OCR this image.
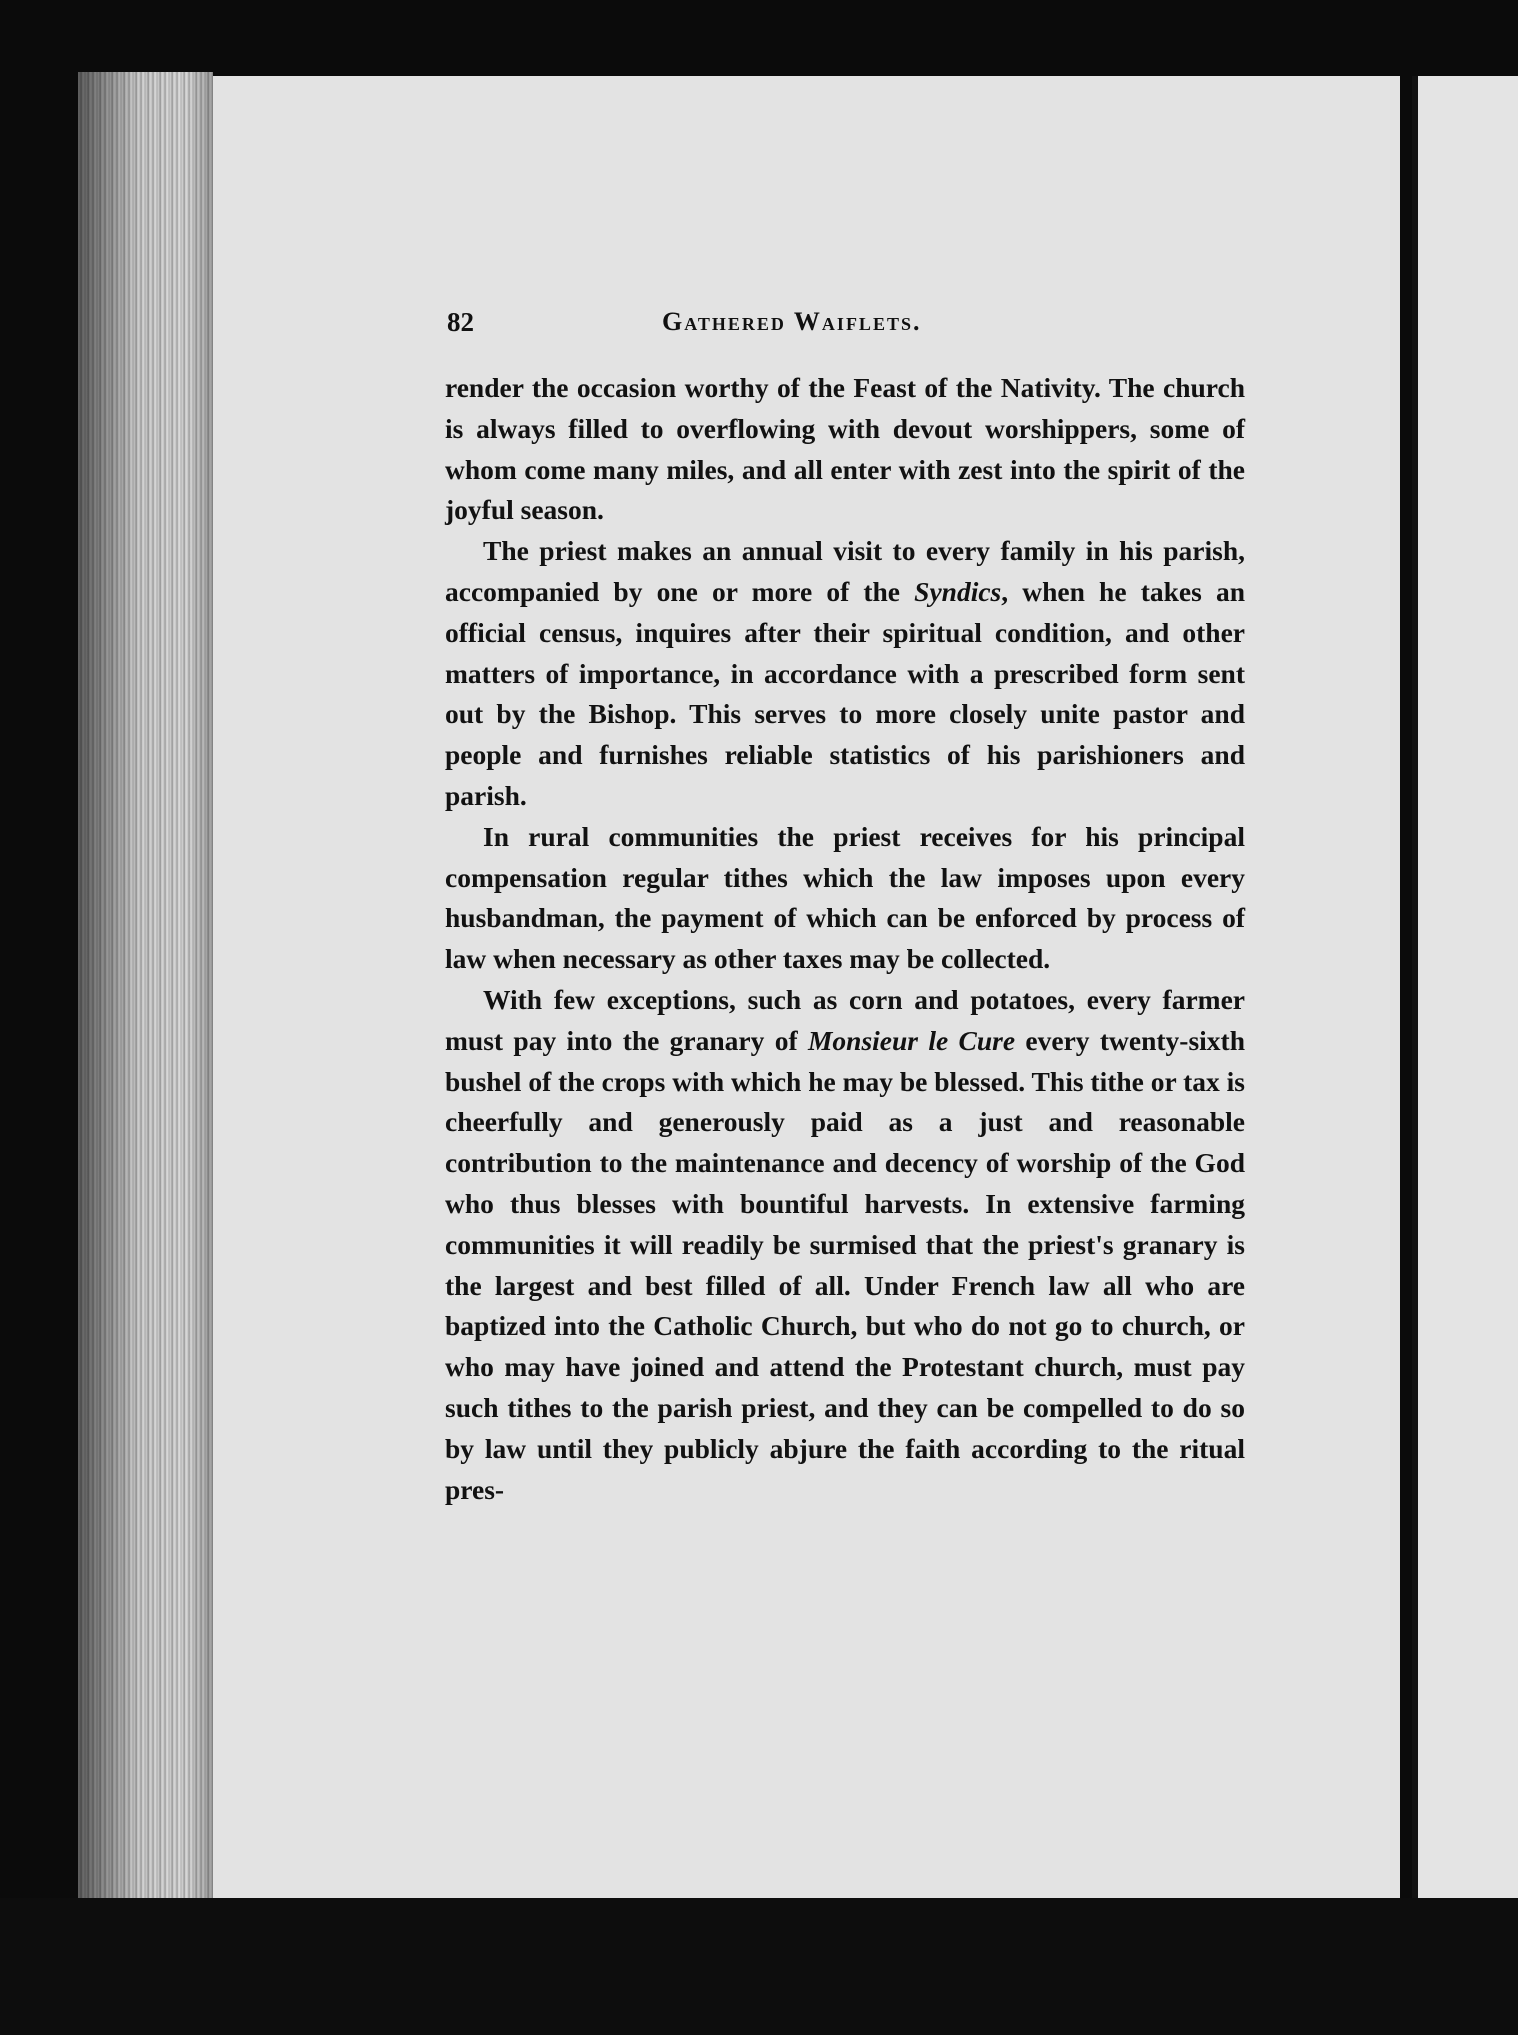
82	Gathered Waiflets.

render the occasion worthy of the Feast of the Nativity. The church is always filled to overflowing with devout worshippers, some of whom come many miles, and all enter with zest into the spirit of the joyful season.

The priest makes an annual visit to every family in his parish, accompanied by one or more of the Syndics, when he takes an official census, inquires after their spiritual condition, and other matters of importance, in accordance with a prescribed form sent out by the Bishop. This serves to more closely unite pastor and people and furnishes reliable statistics of his parishioners and parish.

In rural communities the priest receives for his principal compensation regular tithes which the law imposes upon every husbandman, the payment of which can be enforced by process of law when necessary as other taxes may be collected.

With few exceptions, such as corn and potatoes, every farmer must pay into the granary of Monsieur le Cure every twenty-sixth bushel of the crops with which he may be blessed. This tithe or tax is cheerfully and generously paid as a just and reasonable contribution to the maintenance and decency of worship of the God who thus blesses with bountiful harvests. In extensive farming communities it will readily be surmised that the priest's granary is the largest and best filled of all. Under French law all who are baptized into the Catholic Church, but who do not go to church, or who may have joined and attend the Protestant church, must pay such tithes to the parish priest, and they can be compelled to do so by law until they publicly abjure the faith according to the ritual pres-
